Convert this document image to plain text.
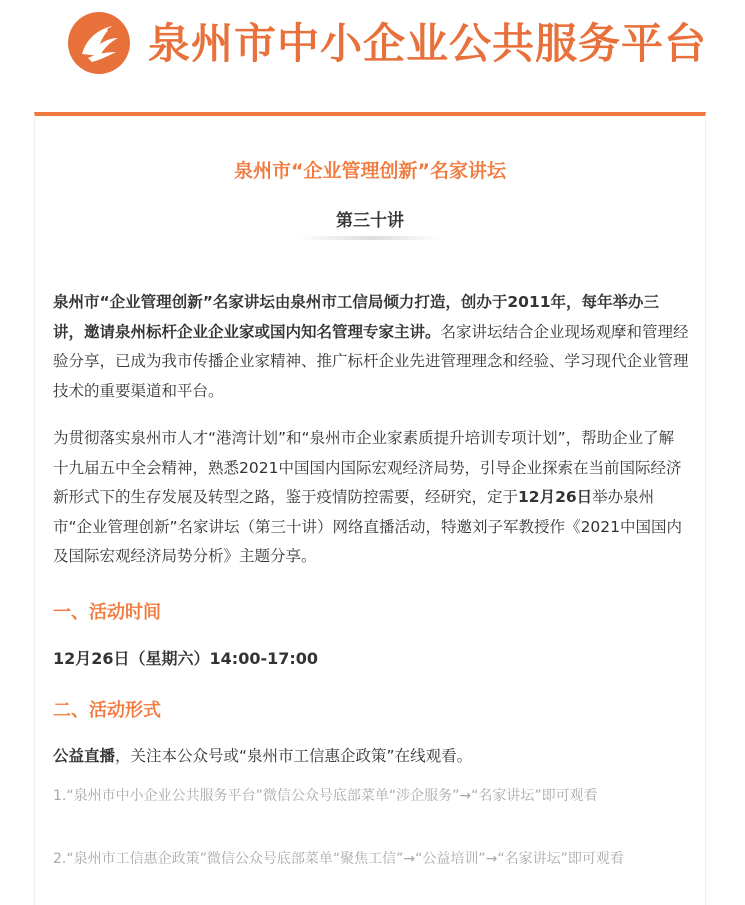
泉州市中小企业公共服务平台
泉州市“企业管理创新”名家讲坛
第三十讲
泉州市“企业管理创新”名家讲坛由泉州市工信局倾力打造，创办于2011年，每年举办三讲，邀请泉州标杆企业企业家或国内知名管理专家主讲。名家讲坛结合企业现场观摩和管理经验分享，已成为我市传播企业家精神、推广标杆企业先进管理理念和经验、学习现代企业管理技术的重要渠道和平台。
为贯彻落实泉州市人才“港湾计划”和“泉州市企业家素质提升培训专项计划”，帮助企业了解十九届五中全会精神，熟悉2021中国国内国际宏观经济局势，引导企业探索在当前国际经济新形式下的生存发展及转型之路，鉴于疫情防控需要，经研究，定于12月26日举办泉州市“企业管理创新”名家讲坛（第三十讲）网络直播活动，特邀刘子军教授作《2021中国国内及国际宏观经济局势分析》主题分享。
一、活动时间
12月26日（星期六）14:00-17:00
二、活动形式
公益直播，关注本公众号或“泉州市工信惠企政策”在线观看。
1.“泉州市中小企业公共服务平台”微信公众号底部菜单“涉企服务”→“名家讲坛”即可观看
2.“泉州市工信惠企政策”微信公众号底部菜单“聚焦工信”→“公益培训”→“名家讲坛”即可观看
